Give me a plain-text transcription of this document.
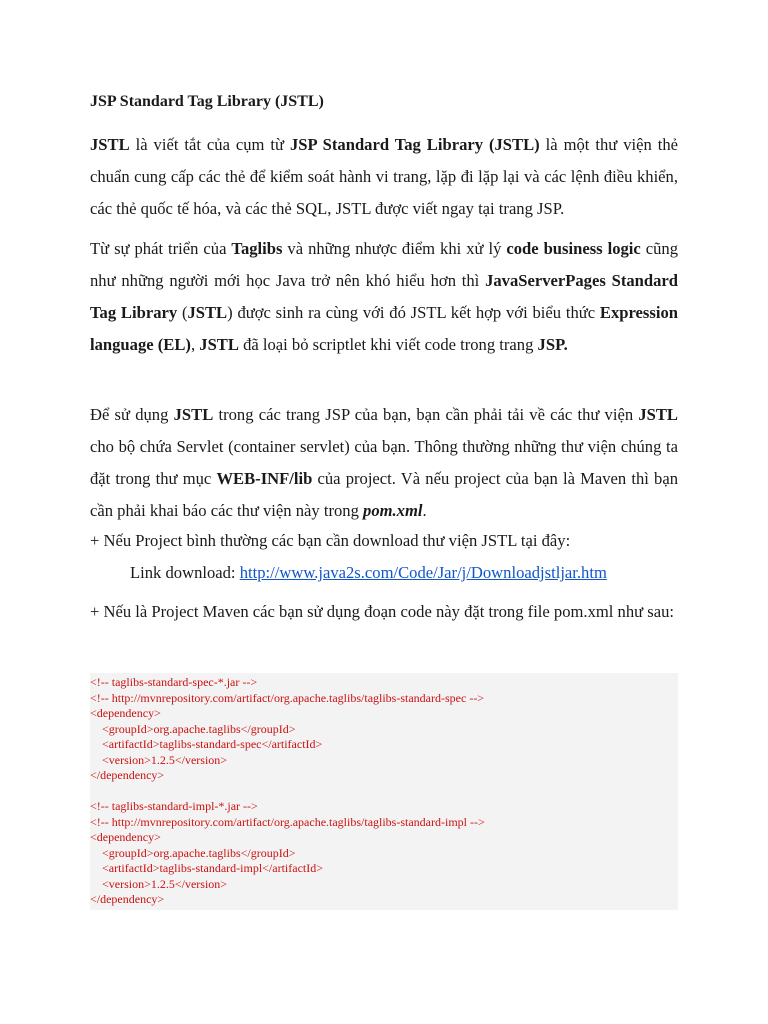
JSP Standard Tag Library (JSTL)

JSTL là viết tắt của cụm từ JSP Standard Tag Library (JSTL) là một thư viện thẻ chuẩn cung cấp các thẻ để kiểm soát hành vi trang, lặp đi lặp lại và các lệnh điều khiển, các thẻ quốc tế hóa, và các thẻ SQL, JSTL được viết ngay tại trang JSP.

Từ sự phát triển của Taglibs và những nhược điểm khi xử lý code business logic cũng như những người mới học Java trở nên khó hiểu hơn thì JavaServerPages Standard Tag Library (JSTL) được sinh ra cùng với đó JSTL kết hợp với biểu thức Expression language (EL), JSTL đã loại bỏ scriptlet khi viết code trong trang JSP.

Để sử dụng JSTL trong các trang JSP của bạn, bạn cần phải tải về các thư viện JSTL cho bộ chứa Servlet (container servlet) của bạn. Thông thường những thư viện chúng ta đặt trong thư mục WEB-INF/lib của project. Và nếu project của bạn là Maven thì bạn cần phải khai báo các thư viện này trong pom.xml.

+ Nếu Project bình thường các bạn cần download thư viện JSTL tại đây:
Link download: http://www.java2s.com/Code/Jar/j/Downloadjstljar.htm

+ Nếu là Project Maven các bạn sử dụng đoạn code này đặt trong file pom.xml như sau:

<!-- taglibs-standard-spec-*.jar -->
<!-- http://mvnrepository.com/artifact/org.apache.taglibs/taglibs-standard-spec -->
<dependency>
<groupId>org.apache.taglibs</groupId>
<artifactId>taglibs-standard-spec</artifactId>
<version>1.2.5</version>
</dependency>
<!-- taglibs-standard-impl-*.jar -->
<!-- http://mvnrepository.com/artifact/org.apache.taglibs/taglibs-standard-impl -->
<dependency>
<groupId>org.apache.taglibs</groupId>
<artifactId>taglibs-standard-impl</artifactId>
<version>1.2.5</version>
</dependency>
